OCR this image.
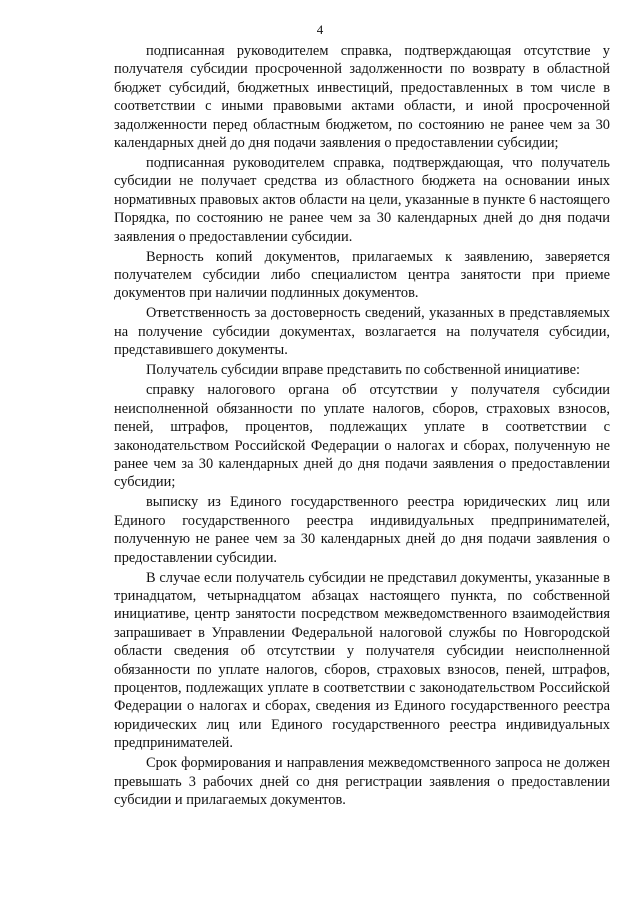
4

подписанная руководителем справка, подтверждающая отсутствие у получателя субсидии просроченной задолженности по возврату в областной бюджет субсидий, бюджетных инвестиций, предоставленных в том числе в соответствии с иными правовыми актами области, и иной просроченной задолженности перед областным бюджетом, по состоянию не ранее чем за 30 календарных дней до дня подачи заявления о предоставлении субсидии;

подписанная руководителем справка, подтверждающая, что получатель субсидии не получает средства из областного бюджета на основании иных нормативных правовых актов области на цели, указанные в пункте 6 настоящего Порядка, по состоянию не ранее чем за 30 календарных дней до дня подачи заявления о предоставлении субсидии.

Верность копий документов, прилагаемых к заявлению, заверяется получателем субсидии либо специалистом центра занятости при приеме документов при наличии подлинных документов.

Ответственность за достоверность сведений, указанных в представляемых на получение субсидии документах, возлагается на получателя субсидии, представившего документы.

Получатель субсидии вправе представить по собственной инициативе:

справку налогового органа об отсутствии у получателя субсидии неисполненной обязанности по уплате налогов, сборов, страховых взносов, пеней, штрафов, процентов, подлежащих уплате в соответствии с законодательством Российской Федерации о налогах и сборах, полученную не ранее чем за 30 календарных дней до дня подачи заявления о предоставлении субсидии;

выписку из Единого государственного реестра юридических лиц или Единого государственного реестра индивидуальных предпринимателей, полученную не ранее чем за 30 календарных дней до дня подачи заявления о предоставлении субсидии.

В случае если получатель субсидии не представил документы, указанные в тринадцатом, четырнадцатом абзацах настоящего пункта, по собственной инициативе, центр занятости посредством межведомственного взаимодействия запрашивает в Управлении Федеральной налоговой службы по Новгородской области сведения об отсутствии у получателя субсидии неисполненной обязанности по уплате налогов, сборов, страховых взносов, пеней, штрафов, процентов, подлежащих уплате в соответствии с законодательством Российской Федерации о налогах и сборах, сведения из Единого государственного реестра юридических лиц или Единого государственного реестра индивидуальных предпринимателей.

Срок формирования и направления межведомственного запроса не должен превышать 3 рабочих дней со дня регистрации заявления о предоставлении субсидии и прилагаемых документов.
